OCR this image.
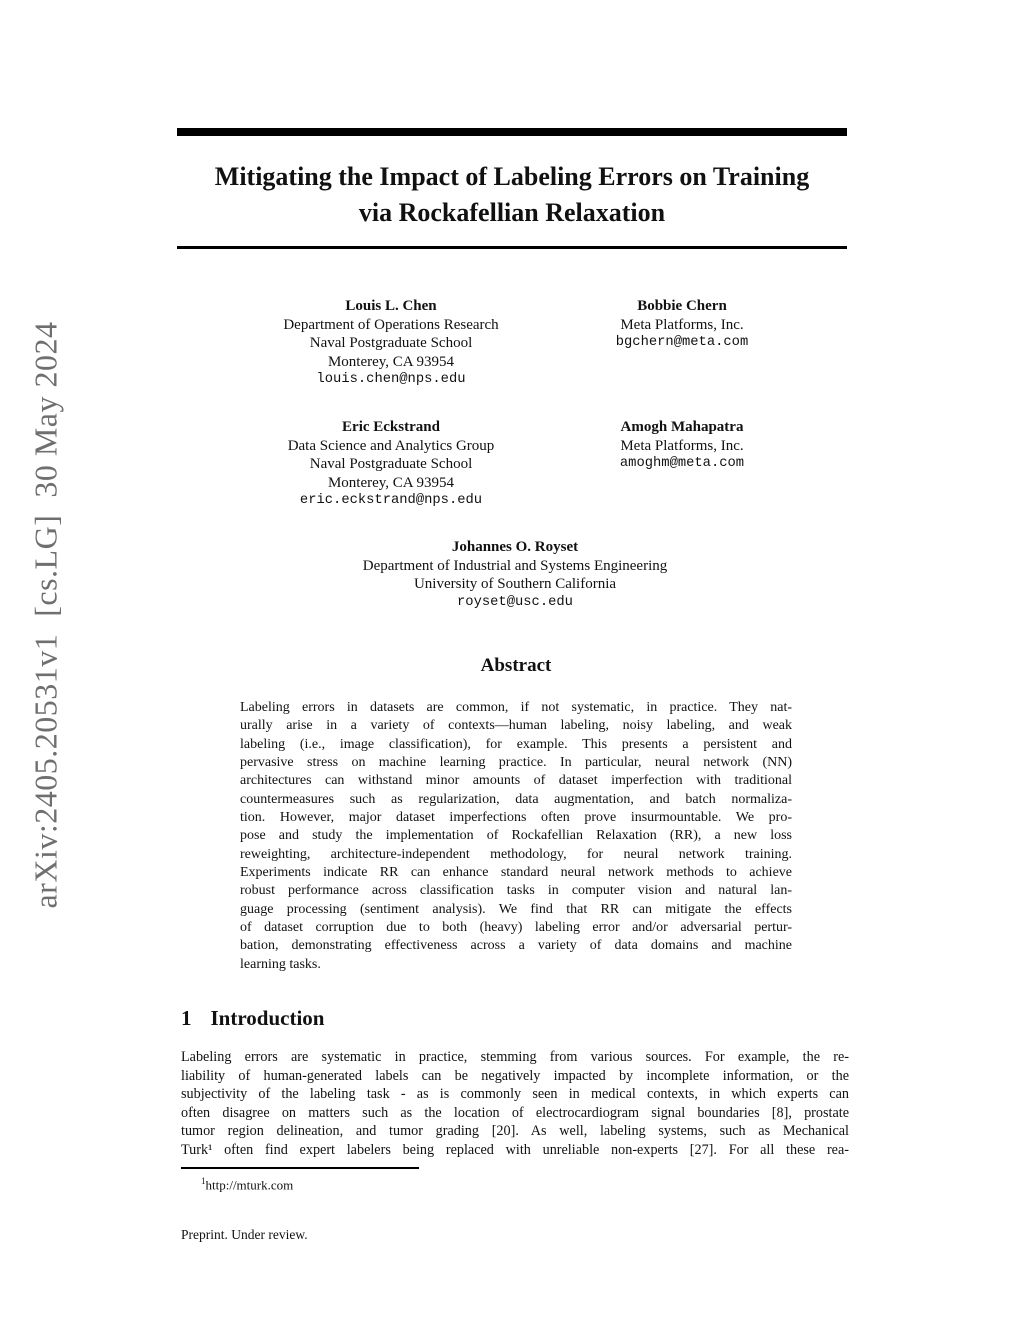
arXiv:2405.20531v1  [cs.LG]  30 May 2024
Mitigating the Impact of Labeling Errors on Training
via Rockafellian Relaxation
Louis L. Chen
Department of Operations Research
Naval Postgraduate School
Monterey, CA 93954
louis.chen@nps.edu
Bobbie Chern
Meta Platforms, Inc.
bgchern@meta.com
Eric Eckstrand
Data Science and Analytics Group
Naval Postgraduate School
Monterey, CA 93954
eric.eckstrand@nps.edu
Amogh Mahapatra
Meta Platforms, Inc.
amoghm@meta.com
Johannes O. Royset
Department of Industrial and Systems Engineering
University of Southern California
royset@usc.edu
Abstract
Labeling errors in datasets are common, if not systematic, in practice. They nat-
urally arise in a variety of contexts—human labeling, noisy labeling, and weak
labeling (i.e., image classification), for example. This presents a persistent and
pervasive stress on machine learning practice. In particular, neural network (NN)
architectures can withstand minor amounts of dataset imperfection with traditional
countermeasures such as regularization, data augmentation, and batch normaliza-
tion. However, major dataset imperfections often prove insurmountable. We pro-
pose and study the implementation of Rockafellian Relaxation (RR), a new loss
reweighting, architecture-independent methodology, for neural network training.
Experiments indicate RR can enhance standard neural network methods to achieve
robust performance across classification tasks in computer vision and natural lan-
guage processing (sentiment analysis). We find that RR can mitigate the effects
of dataset corruption due to both (heavy) labeling error and/or adversarial pertur-
bation, demonstrating effectiveness across a variety of data domains and machine
learning tasks.
1 Introduction
Labeling errors are systematic in practice, stemming from various sources. For example, the re-
liability of human-generated labels can be negatively impacted by incomplete information, or the
subjectivity of the labeling task - as is commonly seen in medical contexts, in which experts can
often disagree on matters such as the location of electrocardiogram signal boundaries [8], prostate
tumor region delineation, and tumor grading [20]. As well, labeling systems, such as Mechanical
Turk¹ often find expert labelers being replaced with unreliable non-experts [27]. For all these rea-
$^1$http://mturk.com
Preprint. Under review.
